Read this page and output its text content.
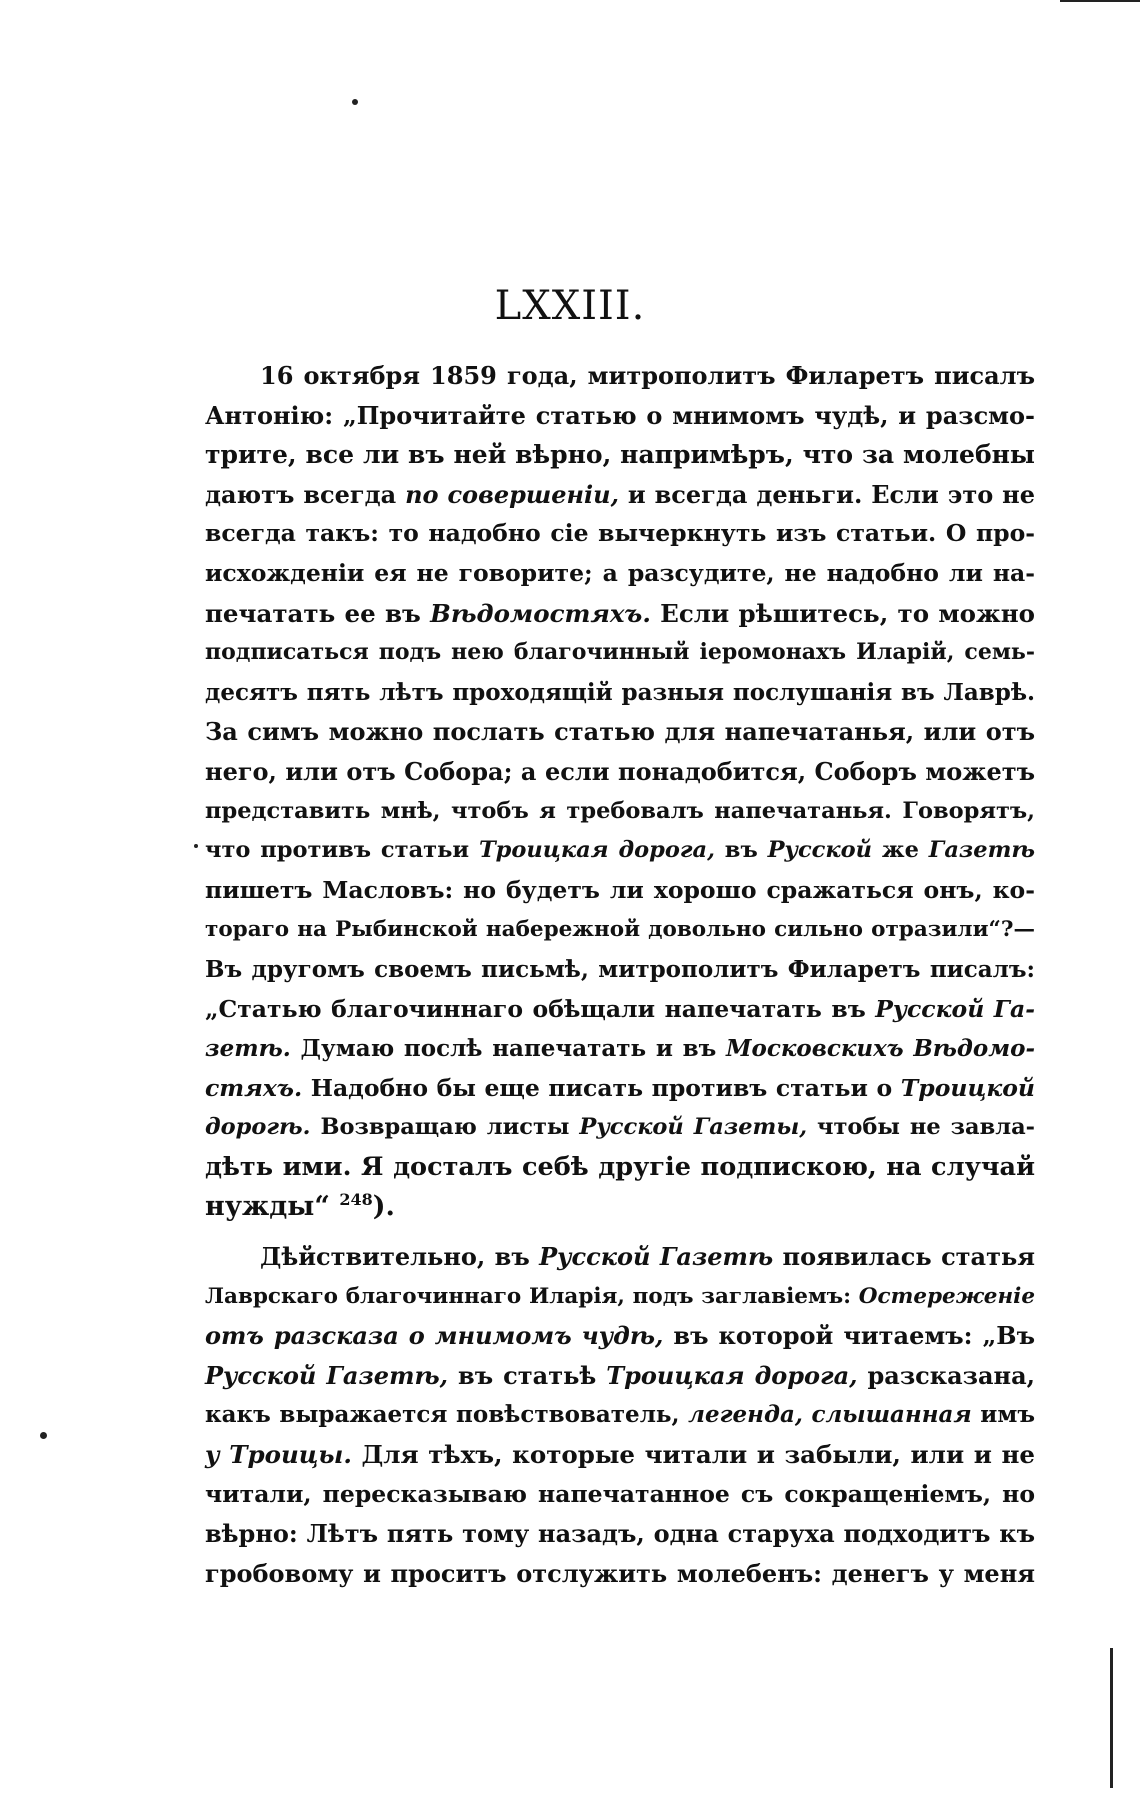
LXXIII.
16 октября 1859 года, митрополитъ Филаретъ писалъ
Антонію: „Прочитайте статью о мнимомъ чудѣ, и разсмо-
трите, все ли въ ней вѣрно, напримѣръ, что за молебны
даютъ всегда по совершеніи, и всегда деньги. Если это не
всегда такъ: то надобно сіе вычеркнуть изъ статьи. О про-
исхожденіи ея не говорите; а разсудите, не надобно ли на-
печатать ее въ Вѣдомостяхъ. Если рѣшитесь, то можно
подписаться подъ нею благочинный іеромонахъ Иларій, семь-
десятъ пять лѣтъ проходящій разныя послушанія въ Лаврѣ.
За симъ можно послать статью для напечатанья, или отъ
него, или отъ Собора; а если понадобится, Соборъ можетъ
представить мнѣ, чтобъ я требовалъ напечатанья. Говорятъ,
что противъ статьи Троицкая дорога, въ Русской же Газетѣ
пишетъ Масловъ: но будетъ ли хорошо сражаться онъ, ко-
тораго на Рыбинской набережной довольно сильно отразили“?—
Въ другомъ своемъ письмѣ, митрополитъ Филаретъ писалъ:
„Статью благочиннаго обѣщали напечатать въ Русской Га-
зетѣ. Думаю послѣ напечатать и въ Московскихъ Вѣдомо-
стяхъ. Надобно бы еще писать противъ статьи о Троицкой
дорогѣ. Возвращаю листы Русской Газеты, чтобы не завла-
дѣть ими. Я досталъ себѣ другіе подпискою, на случай
нужды“ $^{248}$).
Дѣйствительно, въ Русской Газетѣ появилась статья
Лаврскаго благочиннаго Иларія, подъ заглавіемъ: Остереженіе
отъ разсказа о мнимомъ чудѣ, въ которой читаемъ: „Въ
Русской Газетѣ, въ статьѣ Троицкая дорога, разсказана,
какъ выражается повѣствователь, легенда, слышанная имъ
у Троицы. Для тѣхъ, которые читали и забыли, или и не
читали, пересказываю напечатанное съ сокращеніемъ, но
вѣрно: Лѣтъ пять тому назадъ, одна старуха подходитъ къ
гробовому и проситъ отслужить молебенъ: денегъ у меня
